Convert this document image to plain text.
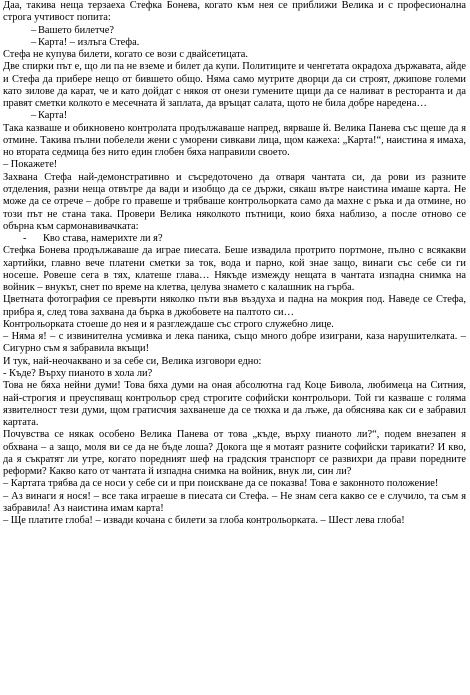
Даа, такива неща терзаеха Стефка Бонева, когато към нея се приближи Велика и с професионална строга учтивост попита:

– Вашето билетче?
– Карта! – излъга Стефа.

Стефа не купува билети, когато се вози с двайсетицата.

Две спирки път е, що ли па не вземе и билет да купи. Политиците и ченгетата окрадоха държавата, айде и Стефа да прибере нещо от бившето общо. Няма само мутрите дворци да си строят, джипове големи като зилове да карат, че и като дойдат с някоя от онези гумените щици да се наливат в ресторанта и да правят сметки колкото е месечната й заплата, да връщат салата, щото не била добре наредена…

– Карта!

Така казваше и обикновено контролата продължаваше напред, вярваше й. Велика Панева със щеше да я отмине. Такива пълни побелели жени с уморени сивкави лица, щом кажеха: „Карта!“, наистина я имаха, но втората седмица без нито един глобен бяха направили своето.

– Покажете!

Захвана Стефа най-демонстративно и съсредоточено да отваря чантата си, да рови из разните отделения, разни неща отвътре да вади и изобщо да се държи, сякаш вътре наистина имаше карта. Не може да се отрече – добре го правеше и трябваше контрольорката само да махне с ръка и да отмине, но този път не стана така. Провери Велика няколкото пътници, коио бяха наблизо, а после отново се обърна към сармонавивачката:

-	Кво става, намерихте ли я?

Стефка Бонева продължаваше да играе пиесата. Беше извадила протрито портмоне, пълно с всякакви хартийки, главно вече платени сметки за ток, вода и парно, кой знае защо, винаги със себе си ги носеше. Ровеше сега в тях, клатеше глава… Някъде измежду нещата в чантата изпадна снимка на войник – внукът, снет по време на клетва, целува знамето с калашник на гърба.

Цветната фотография се превърти няколко пъти във въздуха и падна на мокрия под. Наведе се Стефа, прибра я, след това захвана да бърка в джобовете на палтото си…

Контрольорката стоеше до нея и я разглеждаше със строго служебно лице.

– Няма я! – с извинителна усмивка и лека паника, също много добре изиграни, каза нарушителката. – Сигурно съм я забравила вкъщи!

И тук, най-неочаквано и за себе си, Велика изговори едно:

- Къде? Върху пианото в хола ли?

Това не бяха нейни думи! Това бяха думи на оная абсолютна гад Коце Бивола, любимеца на Ситния, най-строгия и преуспяващ контрольор сред строгите софийски контрольори. Той ги казваше с голяма язвителност тези думи, щом гратисчия захванеше да се тюхка и да лъже, да обяснява как си е забравил картата.

Почувства се някак особено Велика Панева от това „къде, върху пианото ли?“, подем внезапен я обхвана – а защо, моля ви се да не бъде лоша? Докога ще я мотаят разните софийски тарикати? И кво, да я съкратят ли утре, когато поредният шеф на градския транспорт се развихри да прави поредните реформи? Какво като от чантата й изпадна снимка на войник, внук ли, син ли?

– Картата трябва да се носи у себе си и при поискване да се показва! Това е законното положение!

– Аз винаги я нося! – все така играеше в пиесата си Стефа. – Не знам сега какво се е случило, та съм я забравила! Аз наистина имам карта!

– Ще платите глоба! – извади кочана с билети за глоба контрольорката. – Шест лева глоба!
